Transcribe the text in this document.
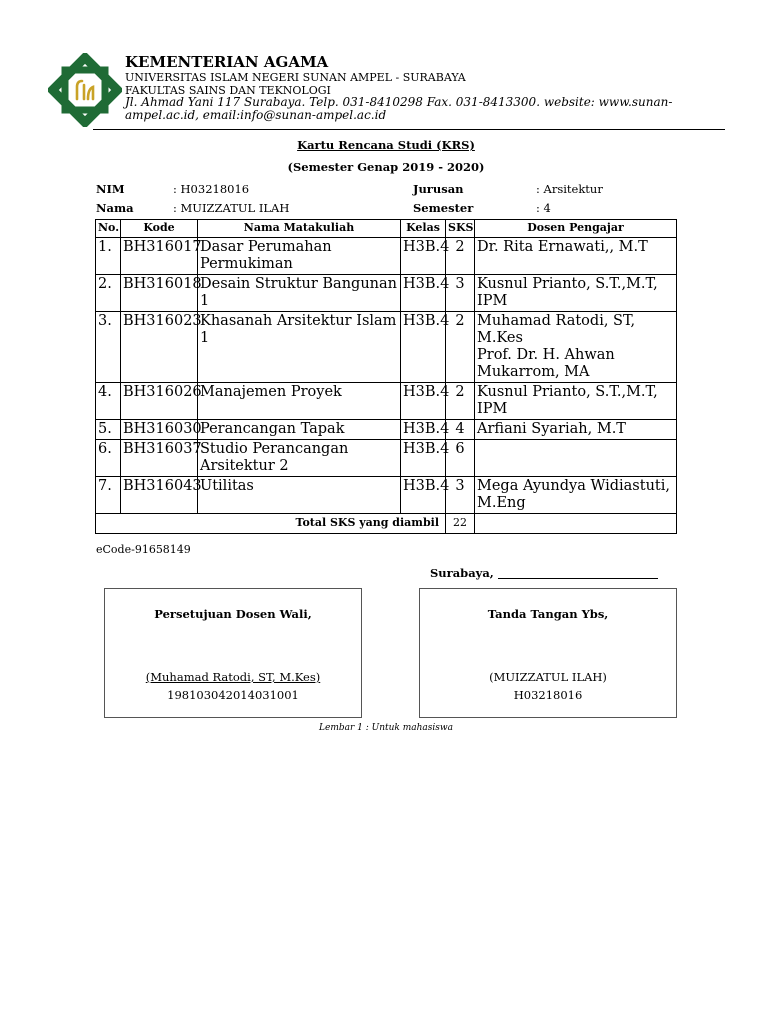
KEMENTERIAN AGAMA
UNIVERSITAS ISLAM NEGERI SUNAN AMPEL - SURABAYA
FAKULTAS SAINS DAN TEKNOLOGI
Jl. Ahmad Yani 117 Surabaya. Telp. 031-8410298 Fax. 031-8413300. website: www.sunan-ampel.ac.id, email:info@sunan-ampel.ac.id
Kartu Rencana Studi (KRS)
(Semester Genap 2019 - 2020)
NIM	: H03218016	Jurusan	: Arsitektur
Nama	: MUIZZATUL ILAH	Semester	: 4
No.	Kode	Nama Matakuliah	Kelas	SKS	Dosen Pengajar
1.	BH316017	Dasar Perumahan Permukiman	H3B.4	2	Dr. Rita Ernawati,, M.T
2.	BH316018	Desain Struktur Bangunan 1	H3B.4	3	Kusnul Prianto, S.T.,M.T, IPM
3.	BH316023	Khasanah Arsitektur Islam 1	H3B.4	2	Muhamad Ratodi, ST, M.Kes
Prof. Dr. H. Ahwan Mukarrom, MA

4.	BH316026	Manajemen Proyek	H3B.4	2	Kusnul Prianto, S.T.,M.T, IPM
5.	BH316030	Perancangan Tapak	H3B.4	4	Arfiani Syariah, M.T
6.	BH316037	Studio Perancangan Arsitektur 2	H3B.4	6	
7.	BH316043	Utilitas	H3B.4	3	Mega Ayundya Widiastuti, M.Eng
Total SKS yang diambil				22	
eCode-91658149
Surabaya,
Persetujuan Dosen Wali,
(Muhamad Ratodi, ST, M.Kes)
198103042014031001
Tanda Tangan Ybs,
(MUIZZATUL ILAH)
H03218016
Lembar 1 : Untuk mahasiswa
